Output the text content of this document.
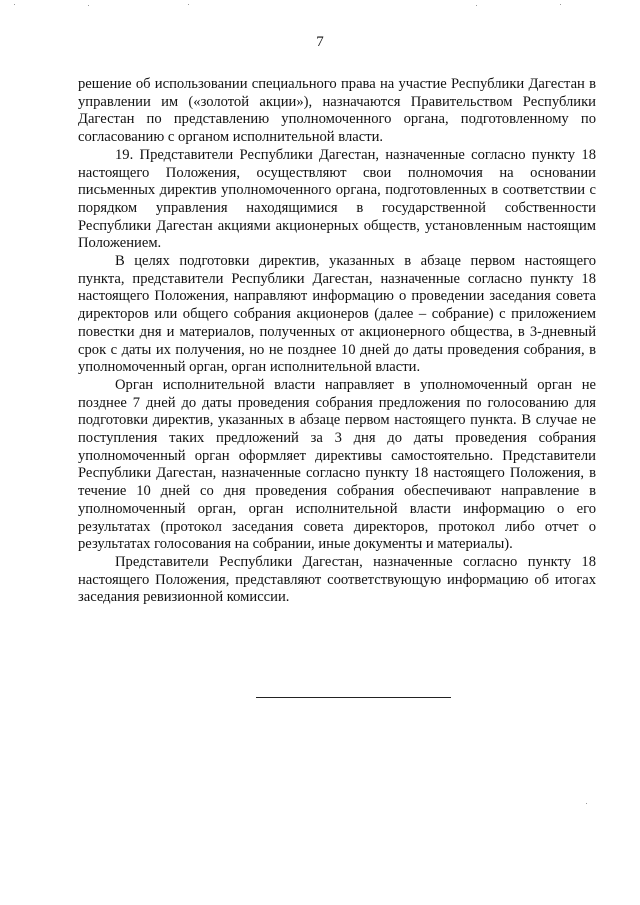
7

решение об использовании специального права на участие Республики Дагестан в управлении им («золотой акции»), назначаются Правительством Республики Дагестан по представлению уполномоченного органа, подготовленному по согласованию с органом исполнительной власти.

19. Представители Республики Дагестан, назначенные согласно пункту 18 настоящего Положения, осуществляют свои полномочия на основании письменных директив уполномоченного органа, подготовленных в соответствии с порядком управления находящимися в государственной собственности Республики Дагестан акциями акционерных обществ, установленным настоящим Положением.

В целях подготовки директив, указанных в абзаце первом настоящего пункта, представители Республики Дагестан, назначенные согласно пункту 18 настоящего Положения, направляют информацию о проведении заседания совета директоров или общего собрания акционеров (далее – собрание) с приложением повестки дня и материалов, полученных от акционерного общества, в 3-дневный срок с даты их получения, но не позднее 10 дней до даты проведения собрания, в уполномоченный орган, орган исполнительной власти.

Орган исполнительной власти направляет в уполномоченный орган не позднее 7 дней до даты проведения собрания предложения по голосованию для подготовки директив, указанных в абзаце первом настоящего пункта. В случае не поступления таких предложений за 3 дня до даты проведения собрания уполномоченный орган оформляет директивы самостоятельно. Представители Республики Дагестан, назначенные согласно пункту 18 настоящего Положения, в течение 10 дней со дня проведения собрания обеспечивают направление в уполномоченный орган, орган исполнительной власти информацию о его результатах (протокол заседания совета директоров, протокол либо отчет о результатах голосования на собрании, иные документы и материалы).

Представители Республики Дагестан, назначенные согласно пункту 18 настоящего Положения, представляют соответствующую информацию об итогах заседания ревизионной комиссии.
